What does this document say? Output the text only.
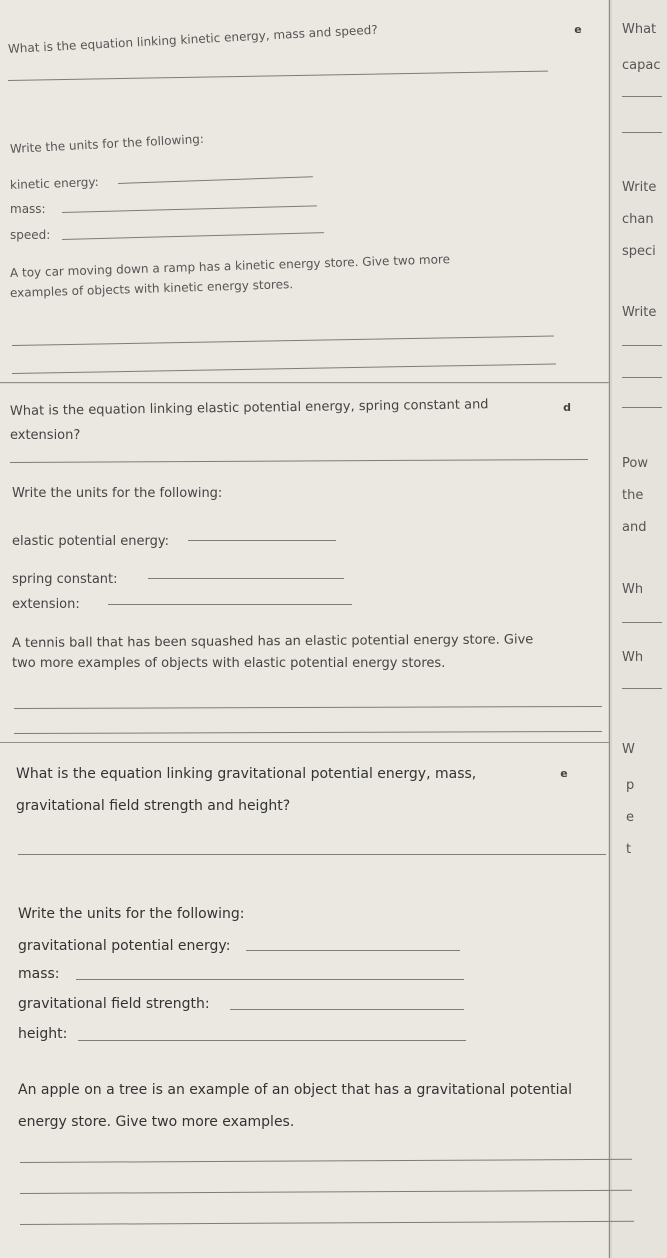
e
What is the equation linking kinetic energy, mass and speed?
Write the units for the following:
kinetic energy:
mass:
speed:
A toy car moving down a ramp has a kinetic energy store. Give two more
examples of objects with kinetic energy stores.
d
What is the equation linking elastic potential energy, spring constant and
extension?
Write the units for the following:
elastic potential energy:
spring constant:
extension:
A tennis ball that has been squashed has an elastic potential energy store. Give
two more examples of objects with elastic potential energy stores.
e
What is the equation linking gravitational potential energy, mass,
gravitational field strength and height?
Write the units for the following:
gravitational potential energy:
mass:
gravitational field strength:
height:
An apple on a tree is an example of an object that has a gravitational potential
energy store. Give two more examples.
What
capac
Write
chan
speci
Write
Pow
the
and
Wh
Wh
W
p
e
t
